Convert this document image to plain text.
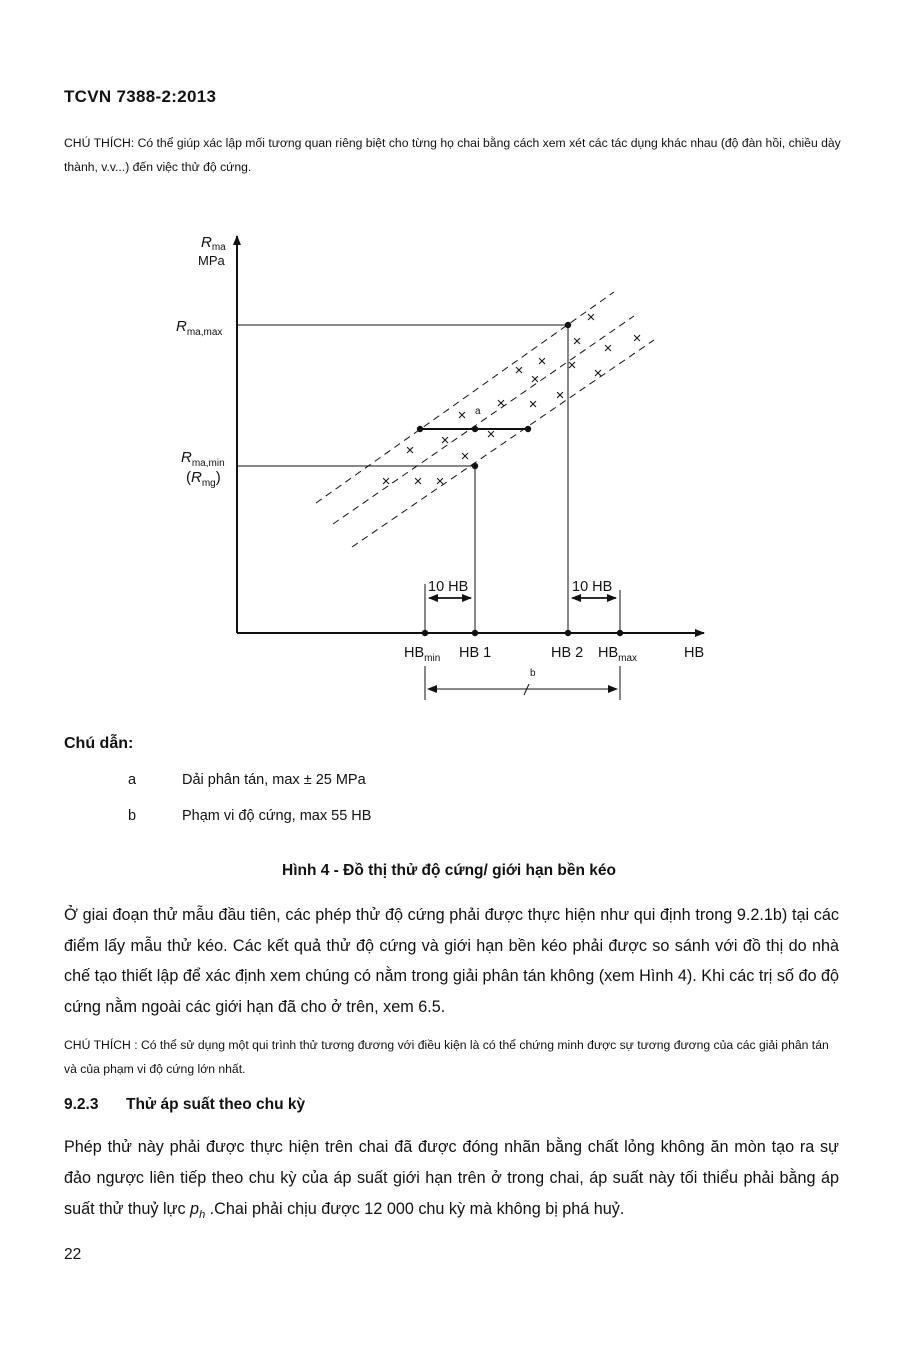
TCVN 7388-2:2013
CHÚ THÍCH: Có thể giúp xác lập mối tương quan riêng biệt cho từng họ chai bằng cách xem xét các tác dụng khác nhau (độ đàn hồi, chiều dày thành, v.v...) đến việc thử độ cứng.
$R_{ma}$
MPa
$R_{ma,max}$
$R_{ma,min}$
$(R_{mg})$
×
× ×
×
×
×	×
×	×
×
× ×
×
×
×
×	×
× × ×
a
10 HB	10 HB
$HB_{min}$ HB 1	HB 2 $HB_{max}$	HB
b
Chú dẫn:
a	Dải phân tán, max ± 25 MPa
b	Phạm vi độ cứng, max 55 HB
Hình 4 - Đồ thị thử độ cứng/ giới hạn bền kéo
Ở giai đoạn thử mẫu đầu tiên, các phép thử độ cứng phải được thực hiện như qui định trong 9.2.1b) tại các điểm lấy mẫu thử kéo. Các kết quả thử độ cứng và giới hạn bền kéo phải được so sánh với đồ thị do nhà chế tạo thiết lập để xác định xem chúng có nằm trong giải phân tán không (xem Hình 4). Khi các trị số đo độ cứng nằm ngoài các giới hạn đã cho ở trên, xem 6.5.
CHÚ THÍCH : Có thể sử dụng một qui trình thử tương đương với điều kiện là có thể chứng minh được sự tương đương của các giải phân tán và của phạm vi độ cứng lớn nhất.
9.2.3 Thử áp suất theo chu kỳ
Phép thử này phải được thực hiện trên chai đã được đóng nhãn bằng chất lỏng không ăn mòn tạo ra sự đảo ngược liên tiếp theo chu kỳ của áp suất giới hạn trên ở trong chai, áp suất này tối thiểu phải bằng áp suất thử thuỷ lực $p_h$ .Chai phải chịu được 12 000 chu kỳ mà không bị phá huỷ.
22
